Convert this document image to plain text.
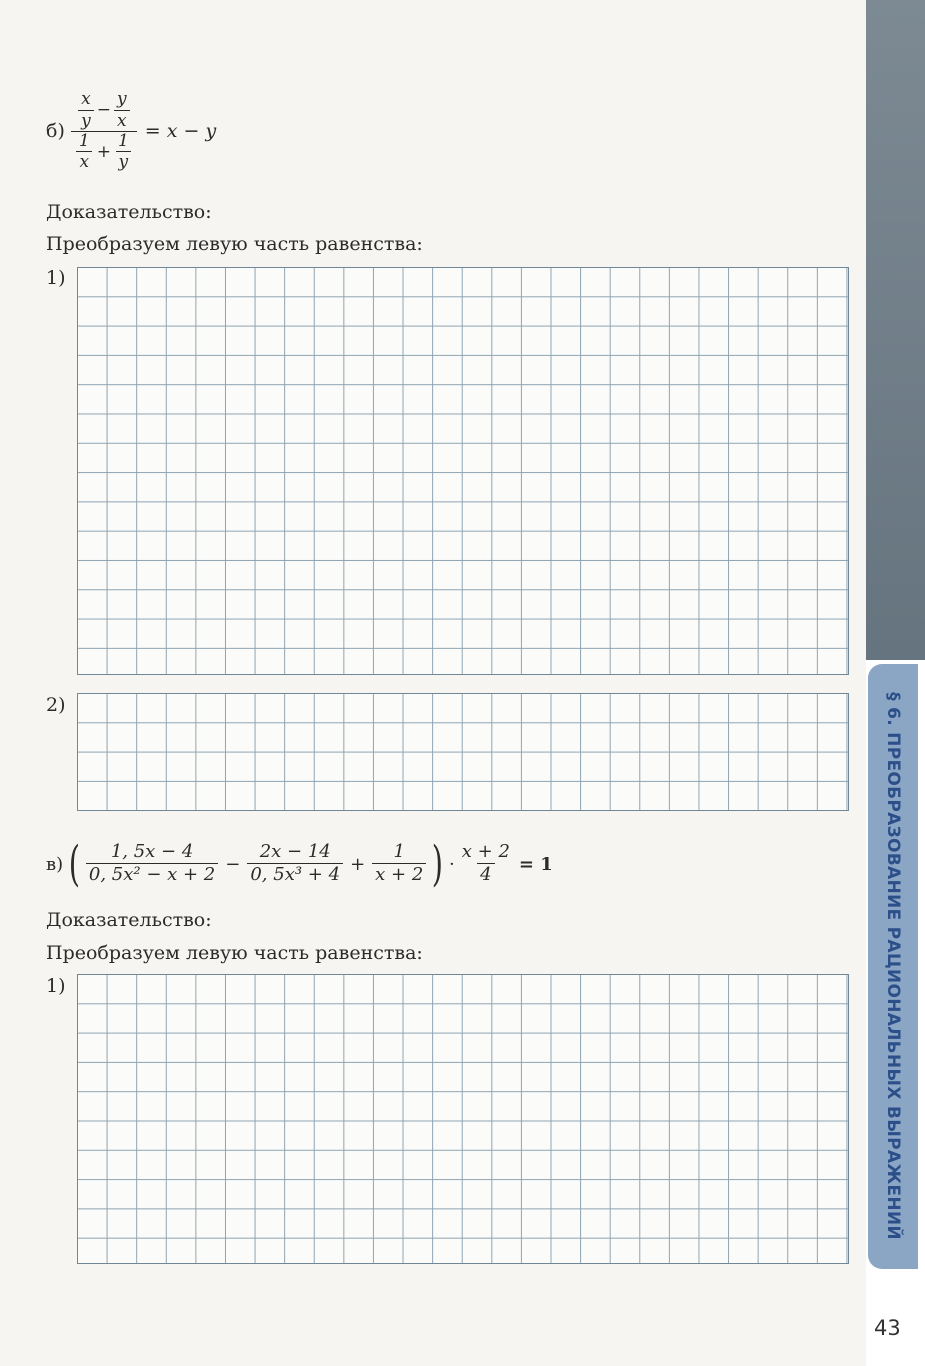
§ 6. ПРЕОБРАЗОВАНИЕ РАЦИОНАЛЬНЫХ ВЫРАЖЕНИЙ
43
$б) \frac{\frac{x}{y} - \frac{y}{x}}{\frac{1}{x} + \frac{1}{y}} = x - y$
Доказательство:
Преобразуем левую часть равенства:
1)
2)
в) ( $\frac{1, 5x - 4}{\text{0, 5x² − x + 2}} - \frac{2x - 14}{\text{0, 5x³ + 4}} + \frac{1}{x + 2}$ ) · $\frac{x + 2}{4} = 1$
Доказательство:
Преобразуем левую часть равенства:
1)
